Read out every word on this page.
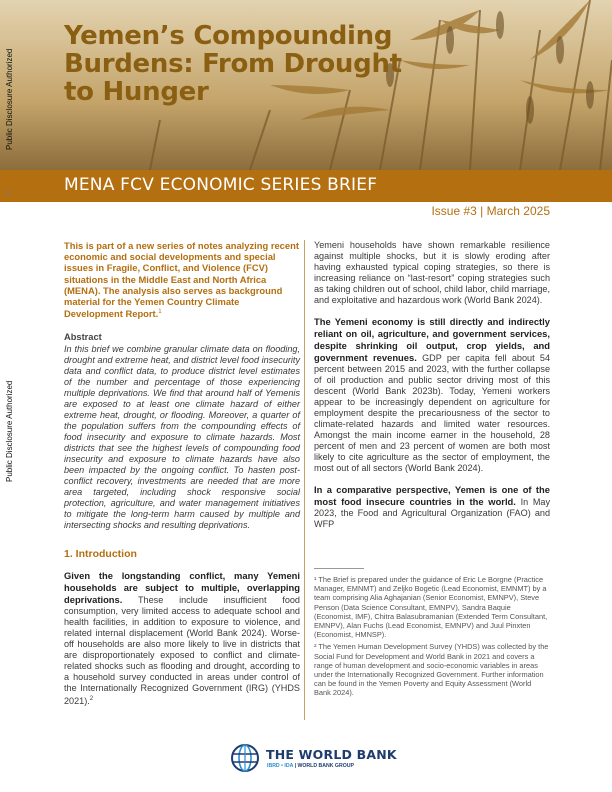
Yemen’s Compounding
Burdens: From Drought
to Hunger
MENA FCV ECONOMIC SERIES BRIEF
Issue #3 | March 2025
Public Disclosure Authorized
Public Disclosure Authorized
53

This is part of a new series of notes analyzing recent economic and social developments and special issues in Fragile, Conflict, and Violence (FCV) situations in the Middle East and North Africa (MENA). The analysis also serves as background material for the Yemen Country Climate Development Report.$^1$

Abstract

In this brief we combine granular climate data on flooding, drought and extreme heat, and district level food insecurity data and conflict data, to produce district level estimates of the number and percentage of those experiencing multiple deprivations. We find that around half of Yemenis are exposed to at least one climate hazard of either extreme heat, drought, or flooding. Moreover, a quarter of the population suffers from the compounding effects of food insecurity and exposure to climate hazards. Most districts that see the highest levels of compounding food insecurity and exposure to climate hazards have also been impacted by the ongoing conflict. To hasten post-conflict recovery, investments are needed that are more area targeted, including shock responsive social protection, agriculture, and water management initiatives to mitigate the long-term harm caused by multiple and intersecting shocks and resulting deprivations.

1. Introduction

Given the longstanding conflict, many Yemeni households are subject to multiple, overlapping deprivations. These include insufficient food consumption, very limited access to adequate school and health facilities, in addition to exposure to violence, and related internal displacement (World Bank 2024). Worse-off households are also more likely to live in districts that are disproportionately exposed to conflict and climate-related shocks such as flooding and drought, according to a household survey conducted in areas under control of the Internationally Recognized Government (IRG) (YHDS 2021).$^2$

Yemeni households have shown remarkable resilience against multiple shocks, but it is slowly eroding after having exhausted typical coping strategies, so there is increasing reliance on “last-resort” coping strategies such as taking children out of school, child labor, child marriage, and exploitative and hazardous work (World Bank 2024).

The Yemeni economy is still directly and indirectly reliant on oil, agriculture, and government services, despite shrinking oil output, crop yields, and government revenues. GDP per capita fell about 54 percent between 2015 and 2023, with the further collapse of oil production and public sector driving most of this descent (World Bank 2023b). Today, Yemeni workers appear to be increasingly dependent on agriculture for employment despite the precariousness of the sector to climate-related hazards and limited water resources. Amongst the main income earner in the household, 28 percent of men and 23 percent of women are both most likely to cite agriculture as the sector of employment, the most out of all sectors (World Bank 2024).

In a comparative perspective, Yemen is one of the most food insecure countries in the world. In May 2023, the Food and Agricultural Organization (FAO) and WFP

¹ The Brief is prepared under the guidance of Eric Le Borgne (Practice Manager, EMNMT) and Zeljko Bogetic (Lead Economist, EMNMT) by a team comprising Alia Aghajanian (Senior Economist, EMNPV), Steve Penson (Data Science Consultant, EMNPV), Sandra Baquie (Economist, IMF), Chitra Balasubramanian (Extended Term Consultant, EMNPV), Alan Fuchs (Lead Economist, EMNPV) and Juul Pinxten (Economist, HMNSP).

² The Yemen Human Development Survey (YHDS) was collected by the Social Fund for Development and World Bank in 2021 and covers a range of human development and socio-economic variables in areas under the Internationally Recognized Government. Further information can be found in the Yemen Poverty and Equity Assessment (World Bank 2024).

THE WORLD BANK
IBRD • IDA | WORLD BANK GROUP
